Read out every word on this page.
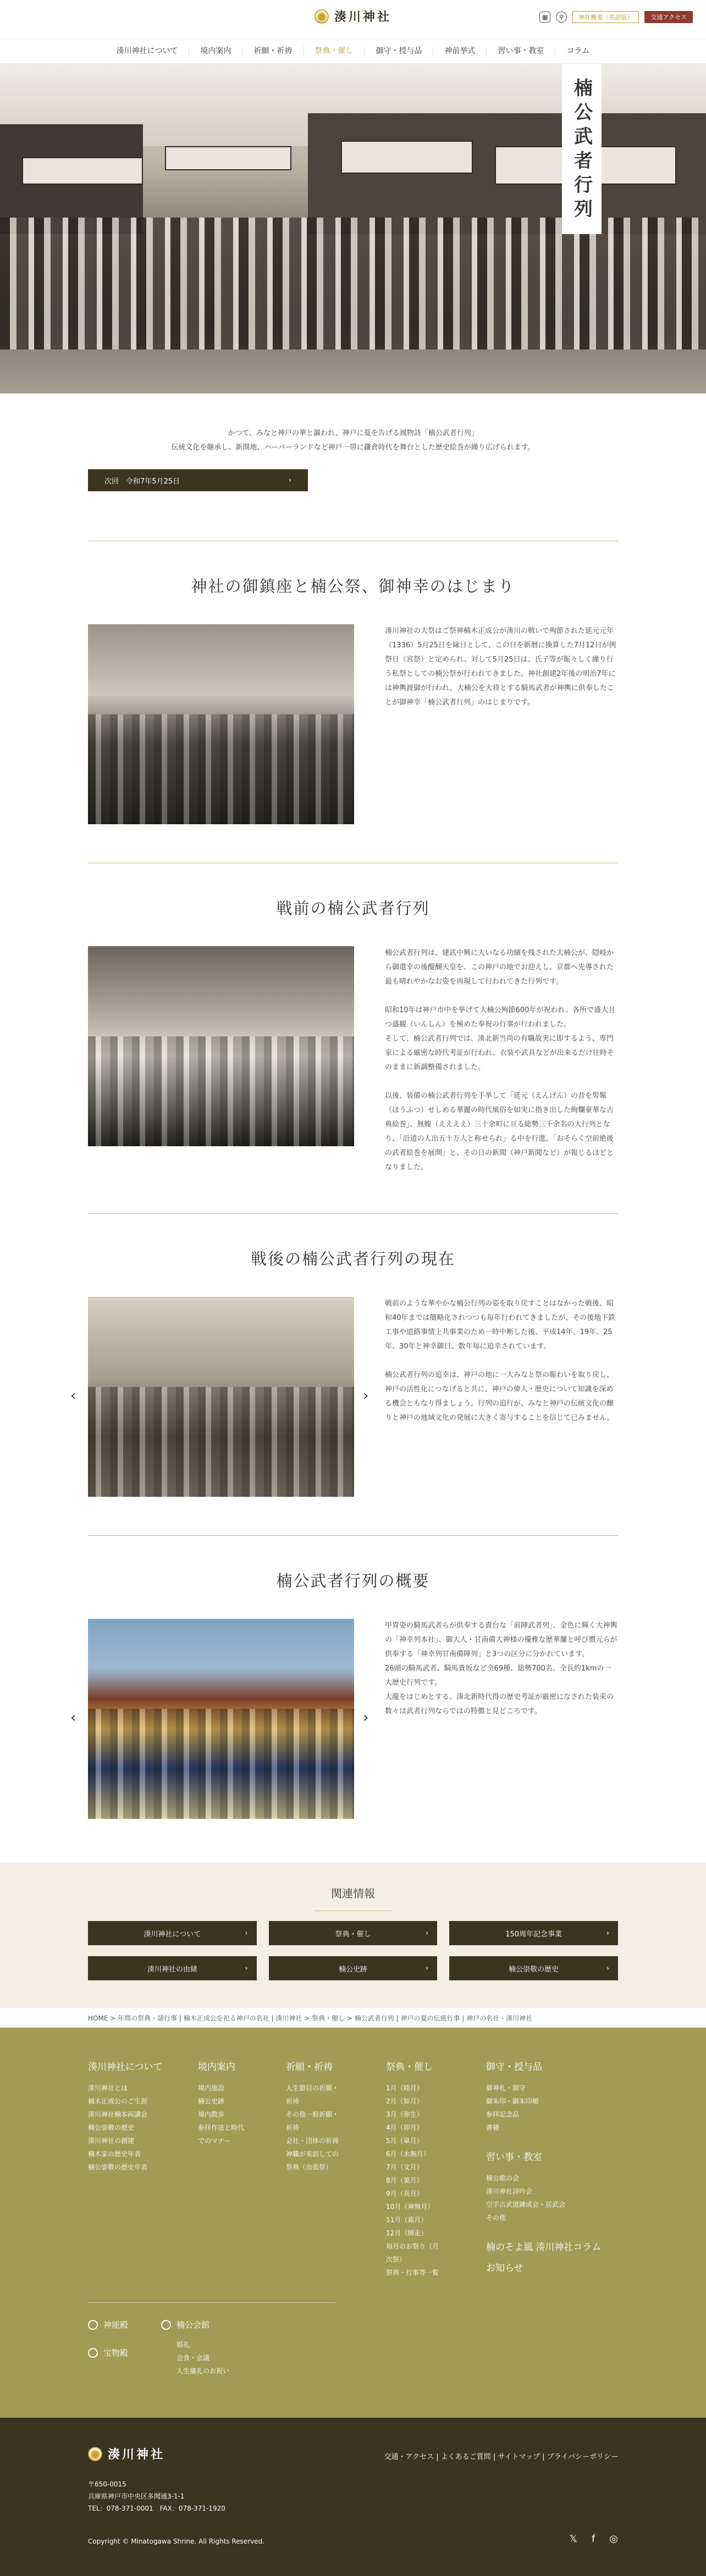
湊川神社	▦	⚲	神社概要（英語版）	交通アクセス
湊川神社について	境内案内	祈願・祈祷	祭典・催し	御守・授与品	神前挙式	習い事・教室	コラム
楠公武者行列

かつて、みなと神戸の華と謳われ、神戸に夏を告げる風物詩「楠公武者行列」

伝統文化を継承し、新開地、ハーバーランドなど神戸一帯に鎌倉時代を舞台とした歴史絵巻が繰り広げられます。

次回　 令和7年5月25日	›
神社の御鎮座と楠公祭、御神幸のはじまり

湊川神社の大祭はご祭神楠木正成公が湊川の戦いで殉節された延元元年（1336）5月25日を縁日として、この日を新暦に換算した7月12日が例祭日（宮祭）と定められ、対して5月25日は、氏子等が賑々しく繰り行う私祭としての楠公祭が行われてきました。神社創建2年後の明治7年には神輿渡御が行われ、大楠公を大将とする騎馬武者が神輿に供奉したことが御神幸「楠公武者行列」のはじまりです。

戦前の楠公武者行列

楠公武者行列は、建武中興に大いなる功績を残された大楠公が、隠岐から御還幸の後醍醐天皇を、この神戸の地でお迎えし、京都へ先導された最も晴れやかなお姿を再現して行われてきた行列です。

昭和10年は神戸市中を挙げて大楠公殉節600年が祝われ、各所で盛大且つ盛観（いんしん）を極めた奉祝の行事が行われました。
そして、楠公武者行列では、湊北新当尚の有職故実に即するよう、専門家による厳密な時代考証が行われ、衣装や武具などが出来るだけ往時そのままに新調整備されました。

以後、装備の楠公武者行列を手挙して「延元（えんげん）の昔を髣髴（ほうふつ）せしめる華麗の時代風俗を如実に指き出した絢爛豪華な古典絵巻」、無蝮（ええええ）三十余町に亘る総勢三千余名の大行列となり、「沿道の人出五十万人と称せられ」る中を行進。「おそらく空前絶後の武者絵巻を展開」と、その日の新聞（神戸新聞など）が報じるほどとなりました。

戦後の楠公武者行列の現在
‹	›

戦前のような華やかな楠公行列の姿を取り戻すことはなかった戦後、昭和40年までは簡略化されつつも毎年行われてきましたが、その後地下鉄工事や道路事情上共事業のため一時中断した後、平成14年、19年、25年、30年と神幸御日、数年毎に追幸されています。

楠公武者行列の追幸は、神戸の地に一大みなと祭の賑わいを取り戻し、神戸の活性化につなげると共に、神戸の偉人・歴史について知識を深める機会ともなり得ましょう。行列の追行が、みなと神戸の伝統文化の醸りと神戸の地域文化の発展に大きく寄与することを信じて已みません。

楠公武者行列の概要
‹	›

甲冑姿の騎馬武者らが供奉する貴台な「前陣武者列」、金色に輝く大神輿の「神幸列本社」、御大人・甘南備大神様の優雅な歴華簾と呼び慣元らが供奉する「神幸列甘南備陣列」と3つの区分に分かれています。
26頭の騎馬武者、騎馬貴坂など全69種、総勢700名、全長約1kmの一大歴史行列です。
大龍をはじめとする、湊北新時代得の歴史考証が厳密になされた装束の数々は武者行列ならではの特徴と見どころです。

関連情報
湊川神社について	›	祭典・催し	›	150周年記念事業	›
湊川神社の由緒	›	楠公史跡	›	楠公崇敬の歴史	›
HOME > 年間の祭典・諸行事 | 楠木正成公を祀る神戸の名社 | 湊川神社 > 祭典・催し > 楠公武者行列 | 神戸の夏の伝統行事 | 神戸の名社・湊川神社
湊川神社について
湊川神社とは
楠木正成公のご生涯
湊川神社楠本両講会
楠公崇敬の歴史
湊川神社の創建
楠木家の歴史年表
楠公崇敬の歴史年表
境内案内
境内施設
楠公史跡
境内散歩
参拝作法と時代
でのマナー
祈願・祈祷
人生節目の祈願・
祈祷
その他一般祈願・
祈祷
会社・団体の祈祷
神職が来訪しての
祭典（出張祭）
祭典・催し
1月（睦月）
2月（如月）
3月（弥生）
4月（卯月）
5月（皐月）
6月（水無月）
7月（文月）
8月（葉月）
9月（長月）
10月（神無月）
11月（霜月）
12月（師走）
毎月のお祭り（月
次祭）
祭典・行事等一覧
御守・授与品
御神札・御守
御朱印・御朱印帳
参拝記念品
書籍
習い事・教室
楠公歌の会
湊川神社詩吟会
空手古武道錬成会・居武会
その他
楠のそよ風 湊川神社コラム
お知らせ
神能殿
宝物殿
楠公会館
婚礼
会食・会議
人生儀礼のお祝い
湊川神社	交通・アクセス | よくあるご質問 | サイトマップ | プライバシーポリシー
〒650-0015
兵庫県神戸市中央区多聞通3-1-1
TEL：078-371-0001　FAX：078-371-1920
Copyright © Minatogawa Shrine. All Rights Reserved.	𝕏 f ◎
